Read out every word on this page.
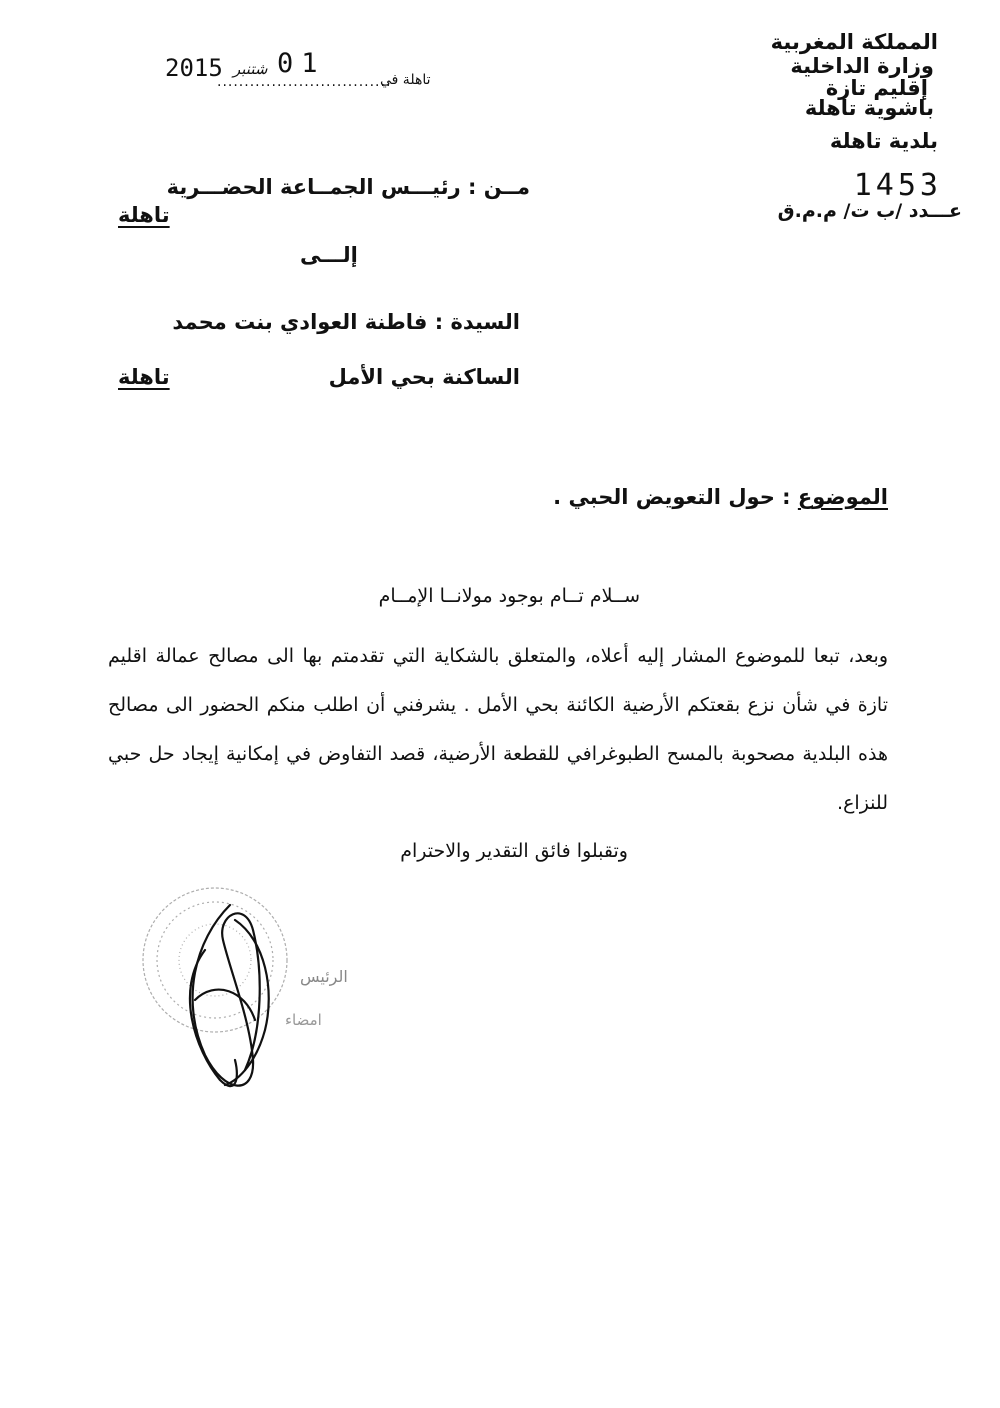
2015 شتنبر 01
................................
تاهلة في
المملكة المغربية
وزارة الداخلية
إقليم تازة
باشوية تاهلة
بلدية تاهلة
1453
عـــدد /ب ت/ م.م.ق
مــن : رئيـــس الجمــاعة الحضـــرية
تاهلة
إلـــى
السيدة : فاطنة العوادي بنت محمد
الساكنة بحي الأمل
تاهلة
الموضوع : حول التعويض الحبي .
ســلام تــام بوجود مولانــا الإمــام

وبعد، تبعا للموضوع المشار إليه أعلاه، والمتعلق بالشكاية التي تقدمتم بها الى مصالح عمالة اقليم تازة في شأن نزع بقعتكم الأرضية الكائنة بحي الأمل . يشرفني أن اطلب منكم الحضور الى مصالح هذه البلدية مصحوبة بالمسح الطبوغرافي للقطعة الأرضية، قصد التفاوض في إمكانية إيجاد حل حبي للنزاع.

وتقبلوا فائق التقدير والاحترام
الرئيس
امضاء
